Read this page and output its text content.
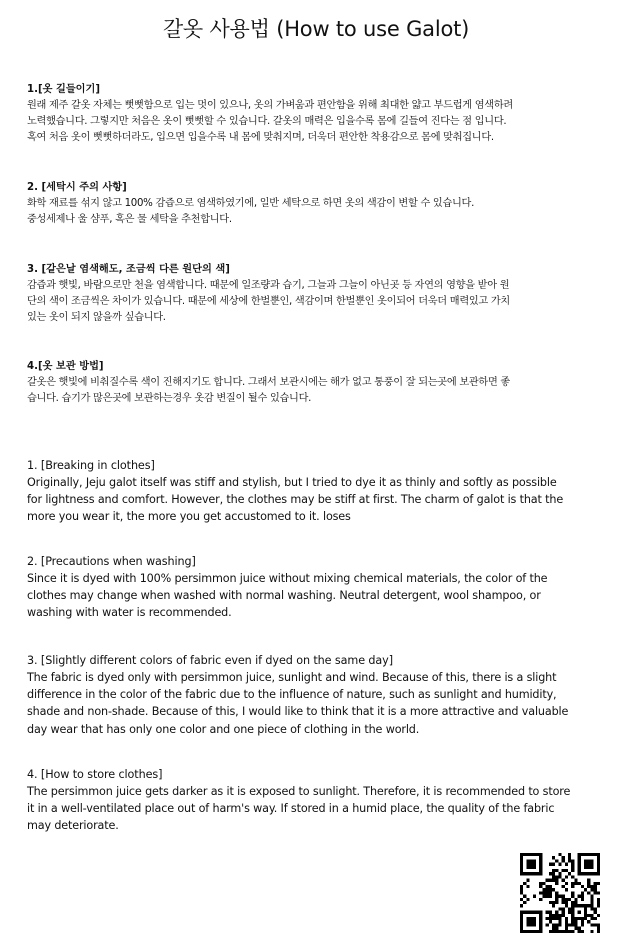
갈옷 사용법 (How to use Galot)
1.[옷 길들이기]
원래 제주 갈옷 자체는 뻣뻣함으로 입는 멋이 있으나, 옷의 가벼움과 편안함을 위해 최대한 얇고 부드럽게 염색하려
노력했습니다. 그렇지만 처음은 옷이 뻣뻣할 수 있습니다. 갈옷의 매력은 입을수록 몸에 길들여 진다는 점 입니다.
혹여 처음 옷이 뻣뻣하더라도, 입으면 입을수록 내 몸에 맞춰지며, 더욱더 편안한 착용감으로 몸에 맞춰집니다.
2. [세탁시 주의 사항]
화학 재료를 섞지 않고 100% 감즙으로 염색하였기에, 일반 세탁으로 하면 옷의 색감이 변할 수 있습니다.
중성세제나 울 샴푸, 혹은 물 세탁을 추천합니다.
3. [같은날 염색해도, 조금씩 다른 원단의 색]
감즙과 햇빛, 바람으로만 천을 염색합니다. 때문에 일조량과 습기, 그늘과 그늘이 아닌곳 등 자연의 영향을 받아 원
단의 색이 조금씩은 차이가 있습니다. 때문에 세상에 한벌뿐인, 색감이며 한벌뿐인 옷이되어 더욱더 매력있고 가치
있는 옷이 되지 않을까 싶습니다.
4.[옷 보관 방법]
갈옷은 햇빛에 비춰질수록 색이 진해지기도 합니다. 그래서 보관시에는 해가 없고 통풍이 잘 되는곳에 보관하면 좋
습니다. 습기가 많은곳에 보관하는경우 옷감 변질이 될수 있습니다.
1. [Breaking in clothes]
Originally, Jeju galot itself was stiff and stylish, but I tried to dye it as thinly and softly as possible
for lightness and comfort. However, the clothes may be stiff at first. The charm of galot is that the
more you wear it, the more you get accustomed to it. loses
2. [Precautions when washing]
Since it is dyed with 100% persimmon juice without mixing chemical materials, the color of the
clothes may change when washed with normal washing. Neutral detergent, wool shampoo, or
washing with water is recommended.
3. [Slightly different colors of fabric even if dyed on the same day]
The fabric is dyed only with persimmon juice, sunlight and wind. Because of this, there is a slight
difference in the color of the fabric due to the influence of nature, such as sunlight and humidity,
shade and non-shade. Because of this, I would like to think that it is a more attractive and valuable
day wear that has only one color and one piece of clothing in the world.
4. [How to store clothes]
The persimmon juice gets darker as it is exposed to sunlight. Therefore, it is recommended to store
it in a well-ventilated place out of harm's way. If stored in a humid place, the quality of the fabric
may deteriorate.
